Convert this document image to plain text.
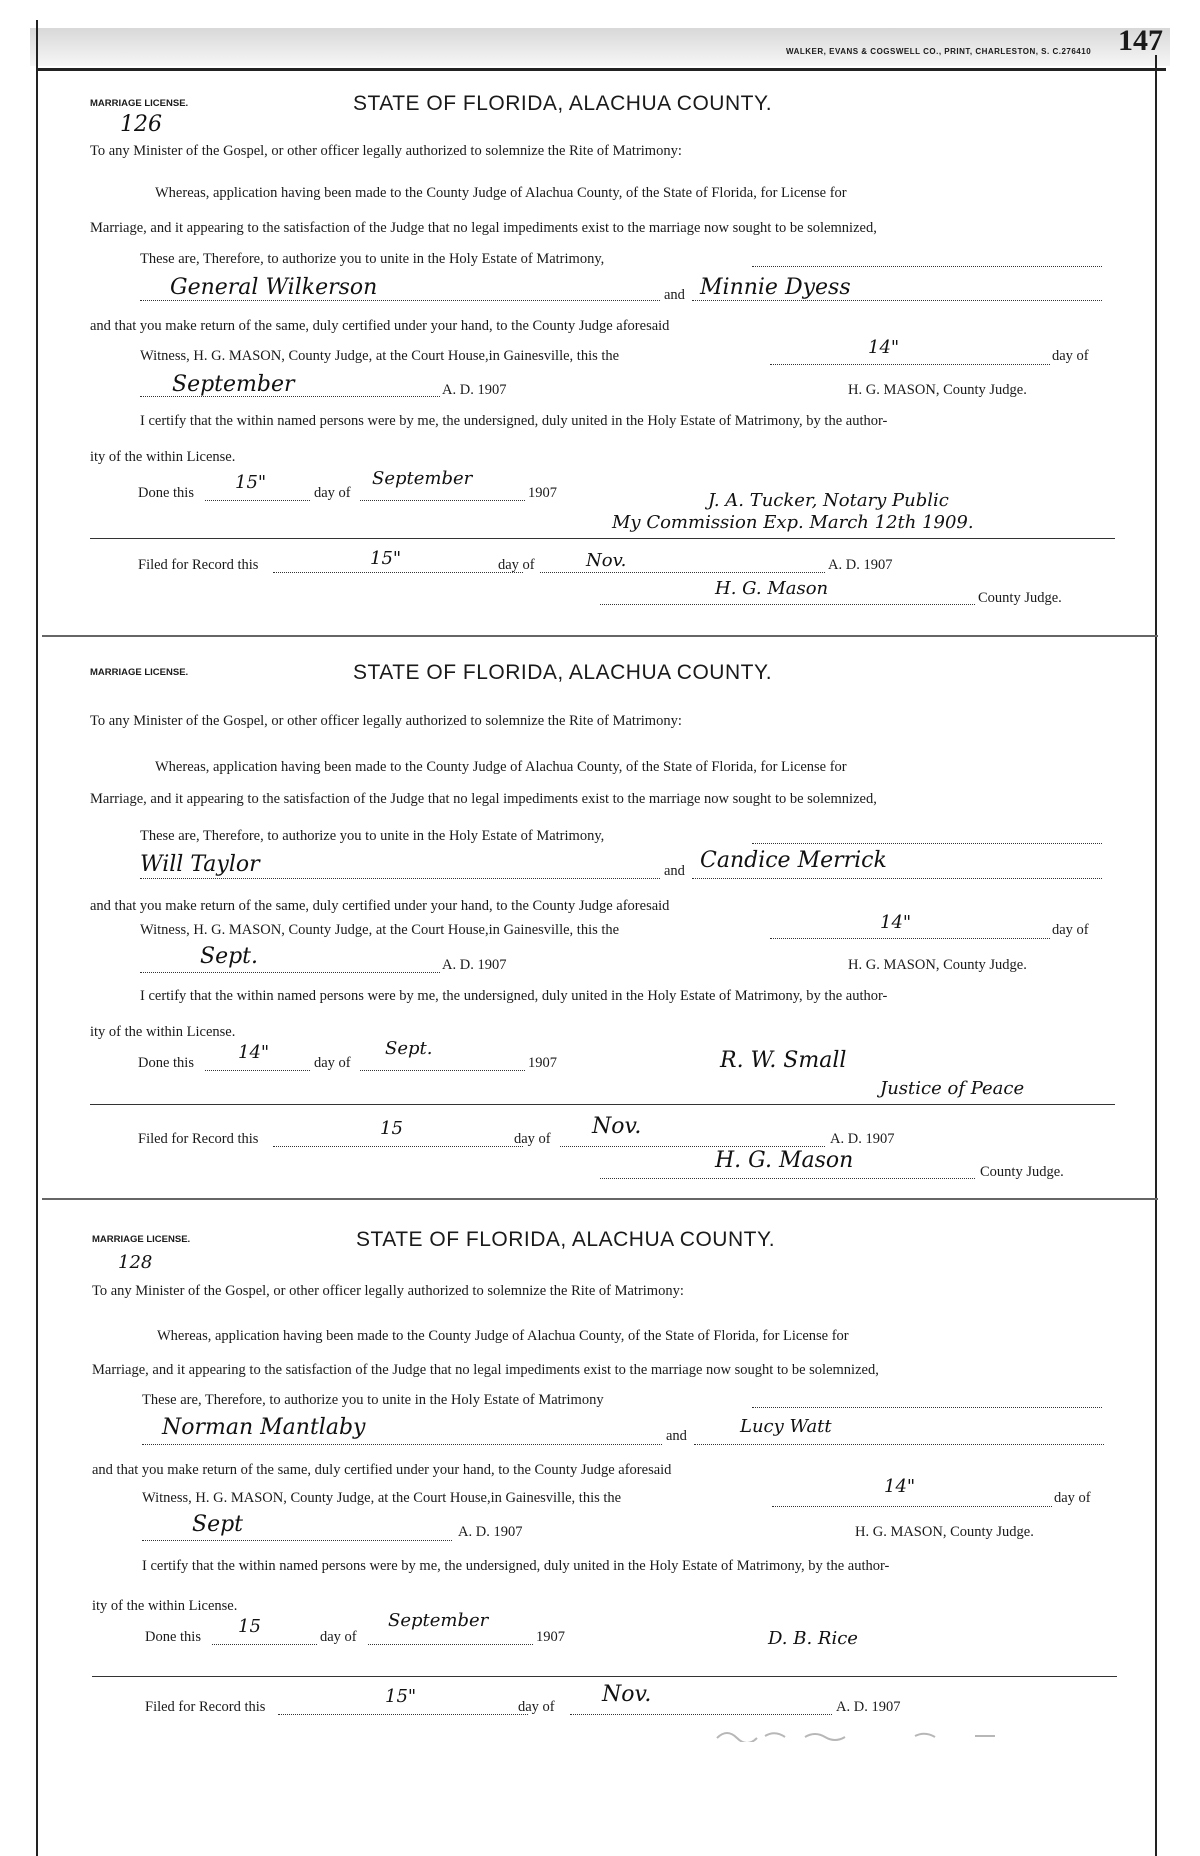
WALKER, EVANS & COGSWELL CO., PRINT, CHARLESTON, S. C.276410 147
MARRIAGE LICENSE.
126
STATE OF FLORIDA, ALACHUA COUNTY.
To any Minister of the Gospel, or other officer legally authorized to solemnize the Rite of Matrimony:
Whereas, application having been made to the County Judge of Alachua County, of the State of Florida, for License for
Marriage, and it appearing to the satisfaction of the Judge that no legal impediments exist to the marriage now sought to be solemnized,
These are, Therefore, to authorize you to unite in the Holy Estate of Matrimony,
General Wilkerson	and Minnie Dyess
and that you make return of the same, duly certified under your hand, to the County Judge aforesaid
Witness, H. G. MASON, County Judge, at the Court House,in Gainesville, this the	14"	day of
September	A. D. 1907	H. G. MASON, County Judge.
I certify that the within named persons were by me, the undersigned, duly united in the Holy Estate of Matrimony, by the author-
ity of the within License.
Done this 15"	day of
September
1907	J. A. Tucker, Notary Public
My Commission Exp. March 12th 1909.
Filed for Record this	15"	day of	Nov.	A. D. 1907
H. G. Mason	County Judge.
MARRIAGE LICENSE.	STATE OF FLORIDA, ALACHUA COUNTY.
To any Minister of the Gospel, or other officer legally authorized to solemnize the Rite of Matrimony:
Whereas, application having been made to the County Judge of Alachua County, of the State of Florida, for License for
Marriage, and it appearing to the satisfaction of the Judge that no legal impediments exist to the marriage now sought to be solemnized,
These are, Therefore, to authorize you to unite in the Holy Estate of Matrimony,
Will Taylor	and Candice Merrick
and that you make return of the same, duly certified under your hand, to the County Judge aforesaid
Witness, H. G. MASON, County Judge, at the Court House,in Gainesville, this the	14"	day of
Sept.	A. D. 1907	H. G. MASON, County Judge.
I certify that the within named persons were by me, the undersigned, duly united in the Holy Estate of Matrimony, by the author-
ity of the within License.
Done this 14"	day of
Sept.
1907	R. W. Small
Justice of Peace
Filed for Record this	15	day of Nov.	A. D. 1907
H. G. Mason	County Judge.
MARRIAGE LICENSE.
128
STATE OF FLORIDA, ALACHUA COUNTY.
To any Minister of the Gospel, or other officer legally authorized to solemnize the Rite of Matrimony:
Whereas, application having been made to the County Judge of Alachua County, of the State of Florida, for License for
Marriage, and it appearing to the satisfaction of the Judge that no legal impediments exist to the marriage now sought to be solemnized,
These are, Therefore, to authorize you to unite in the Holy Estate of Matrimony
Norman Mantlaby	and	Lucy Watt
and that you make return of the same, duly certified under your hand, to the County Judge aforesaid
Witness, H. G. MASON, County Judge, at the Court House,in Gainesville, this the
14"
day of
Sept	A. D. 1907	H. G. MASON, County Judge.
I certify that the within named persons were by me, the undersigned, duly united in the Holy Estate of Matrimony, by the author-
ity of the within License.
Done this 15	day of
September
1907	D. B. Rice
Filed for Record this	15"	day of Nov.	A. D. 1907
